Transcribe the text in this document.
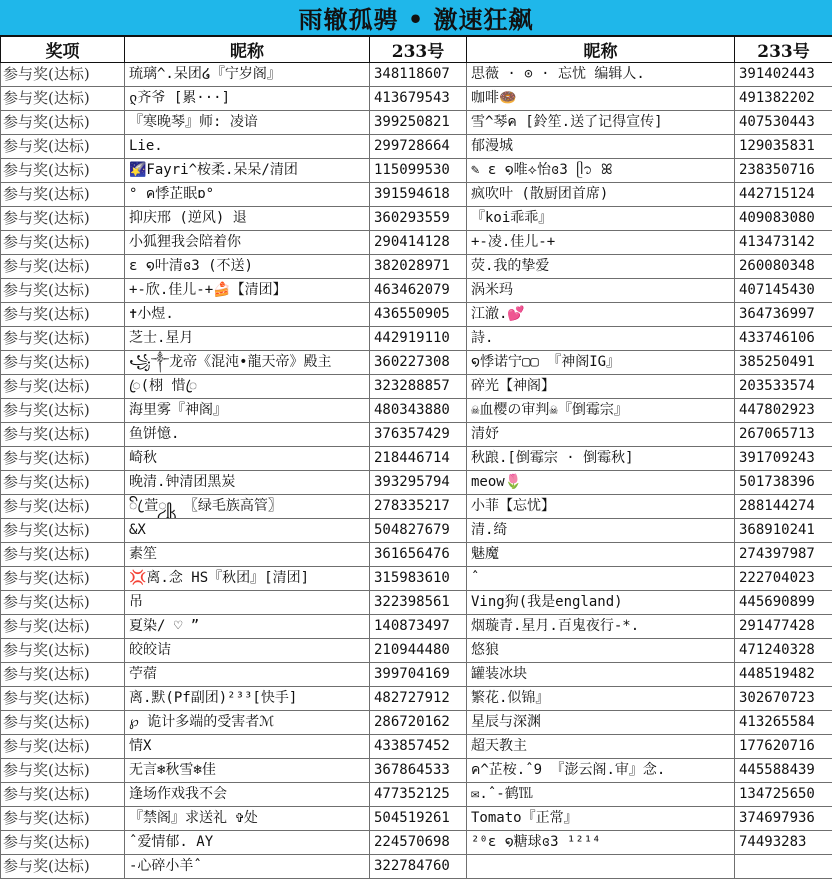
雨辙孤骋 • 激速狂飙
奖项	昵称	233号	昵称	233号
参与奖(达标)	琉璃^.呆团໒『宁岁阁』	348118607	思薇 · ⊙ · 忘忧 编辑人.	391402443
参与奖(达标)	ლ齐爷 [累···]	413679543	咖啡🍩	491382202
参与奖(达标)	『寒晚琴』师: 凌谙	399250821	雪^琴ค [鈴笙.送了记得宣传]	407530443
参与奖(达标)	Lie.	299728664	郁漫城	129035831
参与奖(达标)	🌠Fayri^桉柔.呆呆/清团	115099530	✎ ɛ ໑唯⟡怡ɞ3 ᥫ᭡ ꕤ	238350716
参与奖(达标)	° ค悸芷眠ɒ°	391594618	疯吹叶 (散厨团首席)	442715124
参与奖(达标)	抑庆邢 (逆风) 退	360293559	『koi乖乖』	409083080
参与奖(达标)	小狐狸我会陪着你	290414128	+-凌.佳儿-+	413473142
参与奖(达标)	ɛ ໑叶清ɞ3 (不送)	382028971	荧.我的挚爱	260080348
参与奖(达标)	+-欣.佳儿-+🍰【清团】	463462079	涡米玛	407145430
参与奖(达标)	✝小煜.	436550905	江澈.💕	364736997
参与奖(达标)	芝士.星月	442919110	詩.	433746106
参与奖(达标)	꧁༒龙帝《混沌•龍天帝》殿主	360227308	໑悸诺宁▢▢ 『神阁IG』	385250491
参与奖(达标)	ꦿ(栩 惜ꦿ	323288857	碎光【神阁】	203533574
参与奖(达标)	海里雾『神阁』	480343880	☠血樱の审判☠『倒霉宗』	447802923
参与奖(达标)	鱼饼憶.	376357429	清妤	267065713
参与奖(达标)	崎秋	218446714	秋踉.[倒霉宗 · 倒霉秋]	391709243
参与奖(达标)	晚清.钟清团黑炭	393295794	meow🌷	501738396
参与奖(达标)	ꦼ ꦿ萱ꦾ ꦽ 〖绿毛族高管〗	278335217	小菲【忘忧】	288144274
参与奖(达标)	&X	504827679	清.绮	368910241
参与奖(达标)	素笙	361656476	魅魔	274397987
参与奖(达标)	💢离.念 HS『秋团』[清团]	315983610	ˆ	222704023
参与奖(达标)	吊	322398561	Ving狗(我是england)	445690899
参与奖(达标)	夏染/ ♡ ”	140873497	烟璇青.星月.百鬼夜行-*.	291477428
参与奖(达标)	皎皎诘	210944480	悠狼	471240328
参与奖(达标)	苧蓿	399704169	罐装冰块	448519482
参与奖(达标)	离.默(Pf副团)²³³[快手]	482727912	繁花.似锦』	302670723
参与奖(达标)	℘ 诡计多端的受害者ℳ	286720162	星辰与深渊	413265584
参与奖(达标)	情X	433857452	超天教主	177620716
参与奖(达标)	无言❄秋雪❄佳	367864533	ค^芷桉.ˆ9 『澎云阁.审』念.	445588439
参与奖(达标)	逢场作戏我不会	477352125	✉.ˆ-鹤℡	134725650
参与奖(达标)	『禁阁』求送礼 ✞处	504519261	Tomato『正常』	374697936
参与奖(达标)	ˆ爱情郁. AY	224570698	²⁰ɛ ໑糖球ɞ3 ¹²¹⁴	74493283
参与奖(达标)	-心碎小羊ˆ	322784760		
